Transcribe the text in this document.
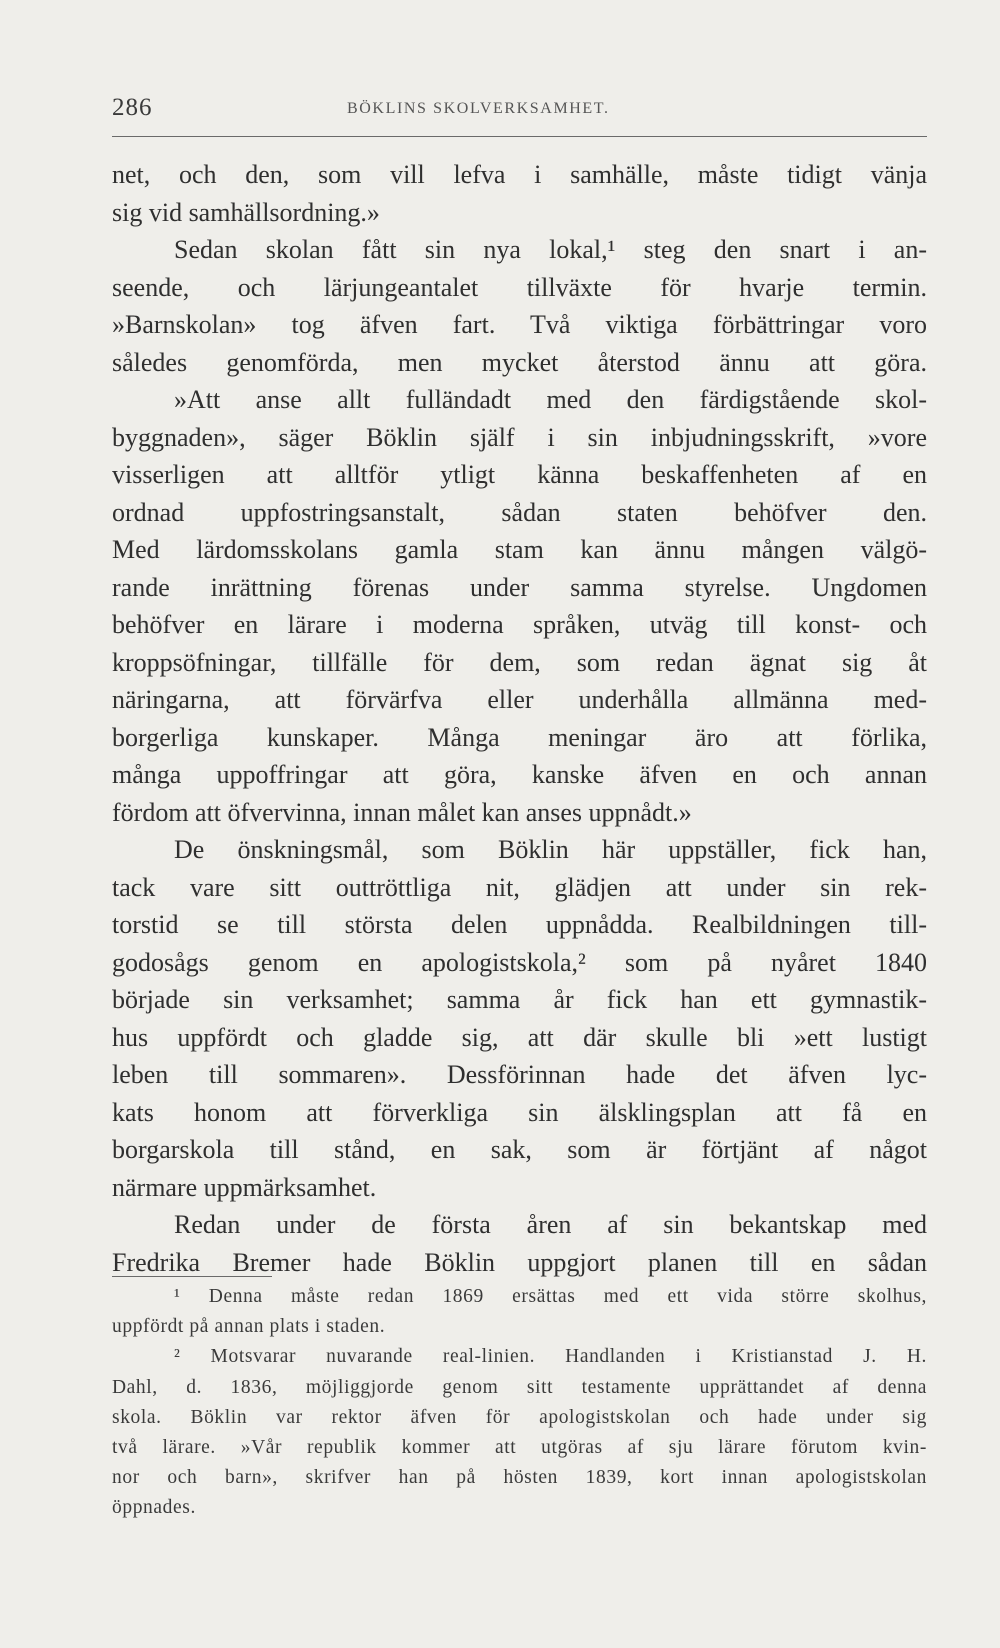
286	BÖKLINS SKOLVERKSAMHET.
net, och den, som vill lefva i samhälle, måste tidigt vänja
sig vid samhällsordning.»
Sedan skolan fått sin nya lokal,¹ steg den snart i an-
seende, och lärjungeantalet tillväxte för hvarje termin.
»Barnskolan» tog äfven fart. Två viktiga förbättringar voro
således genomförda, men mycket återstod ännu att göra.
»Att anse allt fulländadt med den färdigstående skol-
byggnaden», säger Böklin själf i sin inbjudningsskrift, »vore
visserligen att alltför ytligt känna beskaffenheten af en
ordnad uppfostringsanstalt, sådan staten behöfver den.
Med lärdomsskolans gamla stam kan ännu mången välgö-
rande inrättning förenas under samma styrelse. Ungdomen
behöfver en lärare i moderna språken, utväg till konst- och
kroppsöfningar, tillfälle för dem, som redan ägnat sig åt
näringarna, att förvärfva eller underhålla allmänna med-
borgerliga kunskaper. Många meningar äro att förlika,
många uppoffringar att göra, kanske äfven en och annan
fördom att öfvervinna, innan målet kan anses uppnådt.»
De önskningsmål, som Böklin här uppställer, fick han,
tack vare sitt outtröttliga nit, glädjen att under sin rek-
torstid se till största delen uppnådda. Realbildningen till-
godosågs genom en apologistskola,² som på nyåret 1840
började sin verksamhet; samma år fick han ett gymnastik-
hus uppfördt och gladde sig, att där skulle bli »ett lustigt
leben till sommaren». Dessförinnan hade det äfven lyc-
kats honom att förverkliga sin älsklingsplan att få en
borgarskola till stånd, en sak, som är förtjänt af något
närmare uppmärksamhet.
Redan under de första åren af sin bekantskap med
Fredrika Bremer hade Böklin uppgjort planen till en sådan
¹ Denna måste redan 1869 ersättas med ett vida större skolhus,
uppfördt på annan plats i staden.
² Motsvarar nuvarande real-linien. Handlanden i Kristianstad J. H.
Dahl, d. 1836, möjliggjorde genom sitt testamente upprättandet af denna
skola. Böklin var rektor äfven för apologistskolan och hade under sig
två lärare. »Vår republik kommer att utgöras af sju lärare förutom kvin-
nor och barn», skrifver han på hösten 1839, kort innan apologistskolan
öppnades.
